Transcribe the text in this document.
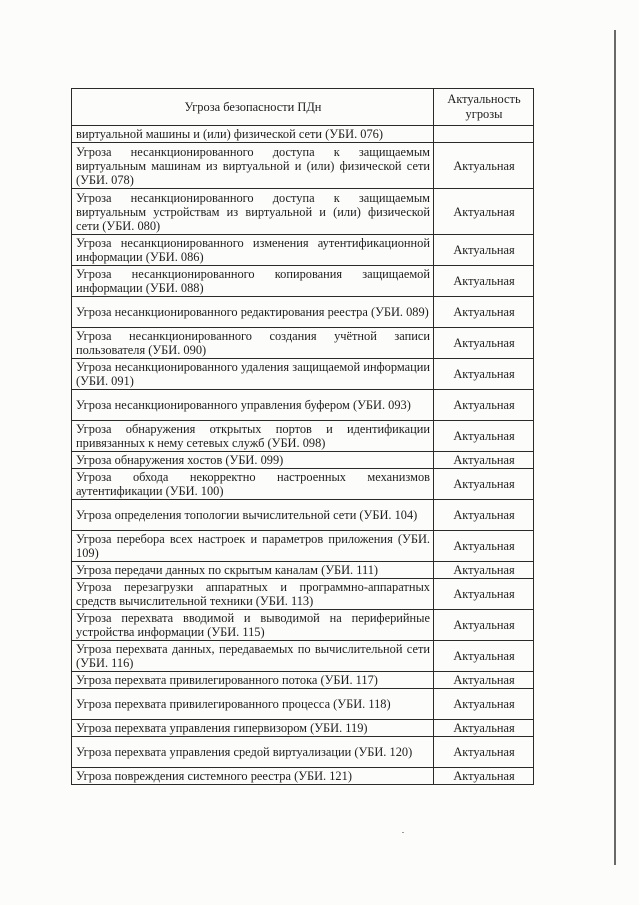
Угроза безопасности ПДн	Актуальность угрозы
виртуальной машины и (или) физической сети (УБИ. 076)	
Угроза несанкционированного доступа к защищаемым виртуальным машинам из виртуальной и (или) физической сети (УБИ. 078)	Актуальная
Угроза несанкционированного доступа к защищаемым виртуальным устройствам из виртуальной и (или) физической сети (УБИ. 080)	Актуальная
Угроза несанкционированного изменения аутентификационной информации (УБИ. 086)	Актуальная
Угроза несанкционированного копирования защищаемой информации (УБИ. 088)	Актуальная
Угроза несанкционированного редактирования реестра (УБИ. 089)	Актуальная
Угроза несанкционированного создания учётной записи пользователя (УБИ. 090)	Актуальная
Угроза несанкционированного удаления защищаемой информации (УБИ. 091)	Актуальная
Угроза несанкционированного управления буфером (УБИ. 093)	Актуальная
Угроза обнаружения открытых портов и идентификации привязанных к нему сетевых служб (УБИ. 098)	Актуальная
Угроза обнаружения хостов (УБИ. 099)	Актуальная
Угроза обхода некорректно настроенных механизмов аутентификации (УБИ. 100)	Актуальная
Угроза определения топологии вычислительной сети (УБИ. 104)	Актуальная
Угроза перебора всех настроек и параметров приложения (УБИ. 109)	Актуальная
Угроза передачи данных по скрытым каналам (УБИ. 111)	Актуальная
Угроза перезагрузки аппаратных и программно-аппаратных средств вычислительной техники (УБИ. 113)	Актуальная
Угроза перехвата вводимой и выводимой на периферийные устройства информации (УБИ. 115)	Актуальная
Угроза перехвата данных, передаваемых по вычислительной сети (УБИ. 116)	Актуальная
Угроза перехвата привилегированного потока (УБИ. 117)	Актуальная
Угроза перехвата привилегированного процесса (УБИ. 118)	Актуальная
Угроза перехвата управления гипервизором (УБИ. 119)	Актуальная
Угроза перехвата управления средой виртуализации (УБИ. 120)	Актуальная
Угроза повреждения системного реестра (УБИ. 121)	Актуальная
